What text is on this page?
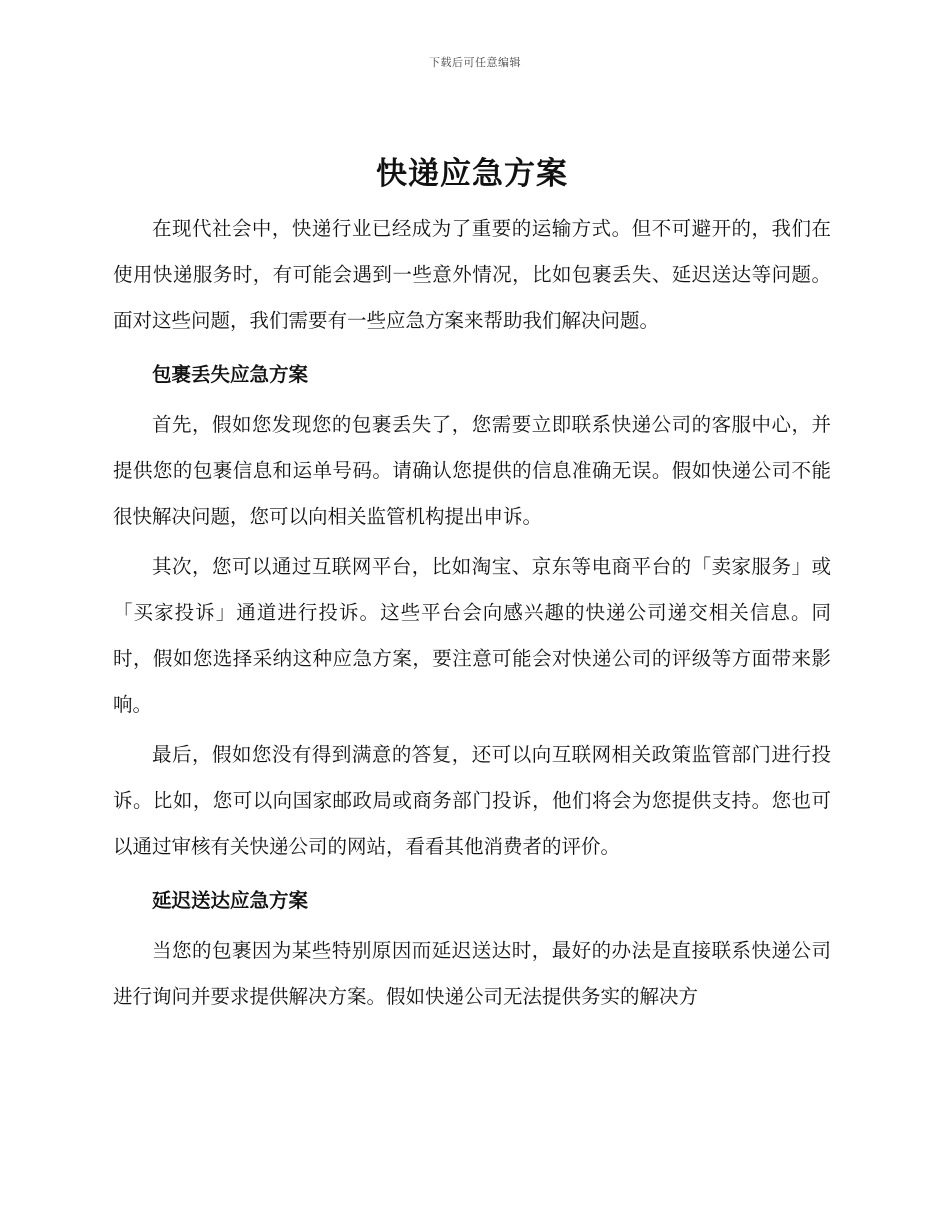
下载后可任意编辑
快递应急方案

在现代社会中，快递行业已经成为了重要的运输方式。但不可避开的，我们在使用快递服务时，有可能会遇到一些意外情况，比如包裹丢失、延迟送达等问题。面对这些问题，我们需要有一些应急方案来帮助我们解决问题。

包裹丢失应急方案

首先，假如您发现您的包裹丢失了，您需要立即联系快递公司的客服中心，并提供您的包裹信息和运单号码。请确认您提供的信息准确无误。假如快递公司不能很快解决问题，您可以向相关监管机构提出申诉。

其次，您可以通过互联网平台，比如淘宝、京东等电商平台的「卖家服务」或「买家投诉」通道进行投诉。这些平台会向感兴趣的快递公司递交相关信息。同时，假如您选择采纳这种应急方案，要注意可能会对快递公司的评级等方面带来影响。

最后，假如您没有得到满意的答复，还可以向互联网相关政策监管部门进行投诉。比如，您可以向国家邮政局或商务部门投诉，他们将会为您提供支持。您也可以通过审核有关快递公司的网站，看看其他消费者的评价。

延迟送达应急方案

当您的包裹因为某些特别原因而延迟送达时，最好的办法是直接联系快递公司进行询问并要求提供解决方案。假如快递公司无法提供务实的解决方
